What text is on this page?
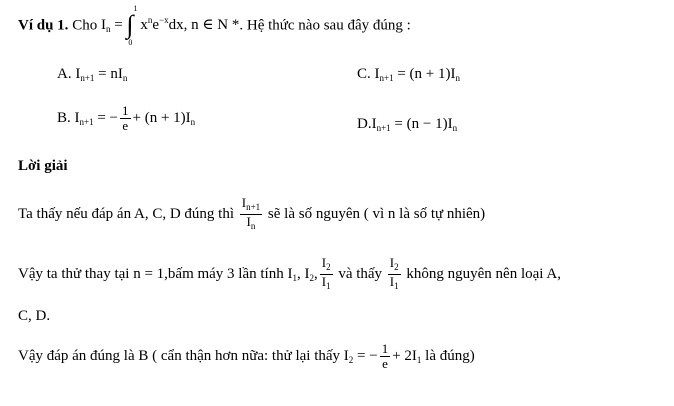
Ví dụ 1. Cho $I_n$ = ∫
1
0
$x^ne^{-x}dx$, n ∈ N *. Hệ thức nào sau đây đúng :
A. $I_{n+1} = nI_n$	C. $I_{n+1} = (n + 1)I_n$
B. $I_{n+1}$ = − $\frac{1}{e} + (n + 1)I_n$	$D.I_{n+1} = (n - 1)I_n$
Lời giải
Ta thấy nếu đáp án A, C, D đúng thì $\frac{I_{n+1}}{I_n}$ sẽ là số nguyên ( vì n là số tự nhiên)
Vậy ta thử thay tại n = 1,bấm máy 3 lần tính $I_1$, $I_2$, $\frac{I_2}{I_1}$ và thấy $\frac{I_2}{I_1}$ không nguyên nên loại A,
C, D.
Vậy đáp án đúng là B ( cẩn thận hơn nữa: thử lại thấy $I_2$ = − $\frac{1}{e} + 2I_1$ là đúng)
